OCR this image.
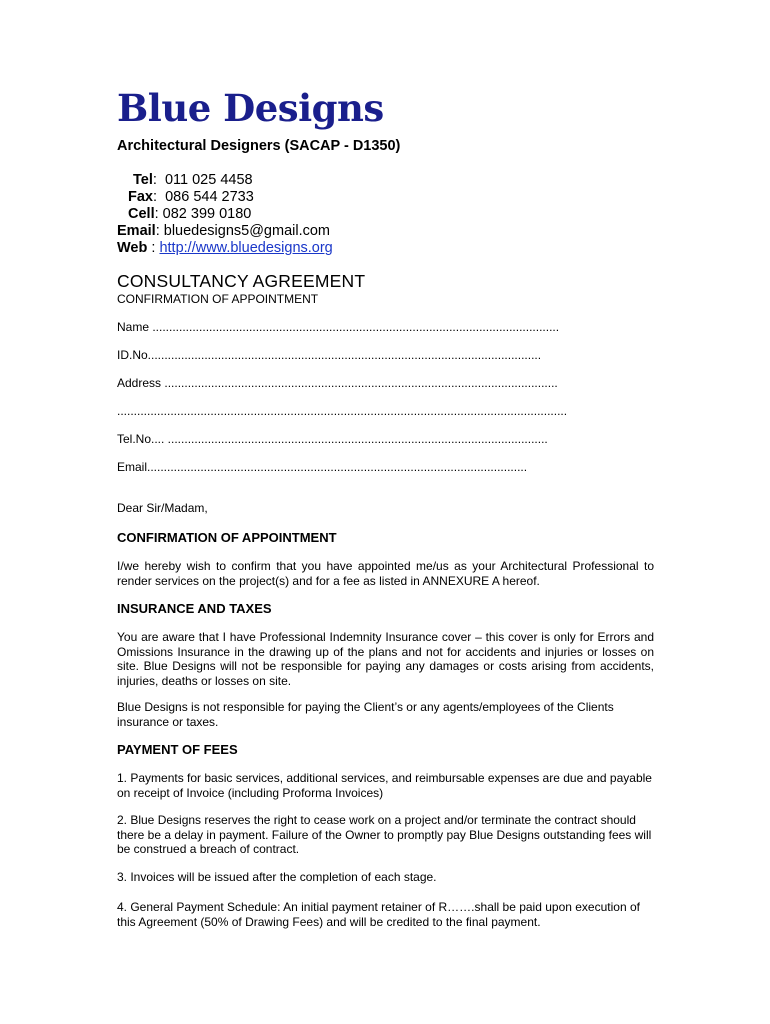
Blue Designs

Architectural Designers (SACAP - D1350)

Tel:  011 025 4458
Fax:  086 544 2733
Cell: 082 399 0180
Email: bluedesigns5@gmail.com
Web : http://www.bluedesigns.org
CONSULTANCY AGREEMENT

CONFIRMATION OF APPOINTMENT

Name ..........................................................................................................................
ID.No......................................................................................................................
Address ......................................................................................................................
.......................................................................................................................................
Tel.No.... ..................................................................................................................
Email..................................................................................................................
Dear Sir/Madam,
CONFIRMATION OF APPOINTMENT

I/we hereby wish to confirm that you have appointed me/us as your Architectural Professional to render services on the project(s) and for a fee as listed in ANNEXURE A hereof.

INSURANCE AND TAXES

You are aware that I have Professional Indemnity Insurance cover – this cover is only for Errors and Omissions Insurance in the drawing up of the plans and not for accidents and injuries or losses on site. Blue Designs will not be responsible for paying any damages or costs arising from accidents, injuries, deaths or losses on site.

Blue Designs is not responsible for paying the Client’s or any agents/employees of the Clients insurance or taxes.

PAYMENT OF FEES

1. Payments for basic services, additional services, and reimbursable expenses are due and payable on receipt of Invoice (including Proforma Invoices)

2. Blue Designs reserves the right to cease work on a project and/or terminate the contract should there be a delay in payment. Failure of the Owner to promptly pay Blue Designs outstanding fees will be construed a breach of contract.

3. Invoices will be issued after the completion of each stage.

4. General Payment Schedule: An initial payment retainer of R…….shall be paid upon execution of this Agreement (50% of Drawing Fees) and will be credited to the final payment.
